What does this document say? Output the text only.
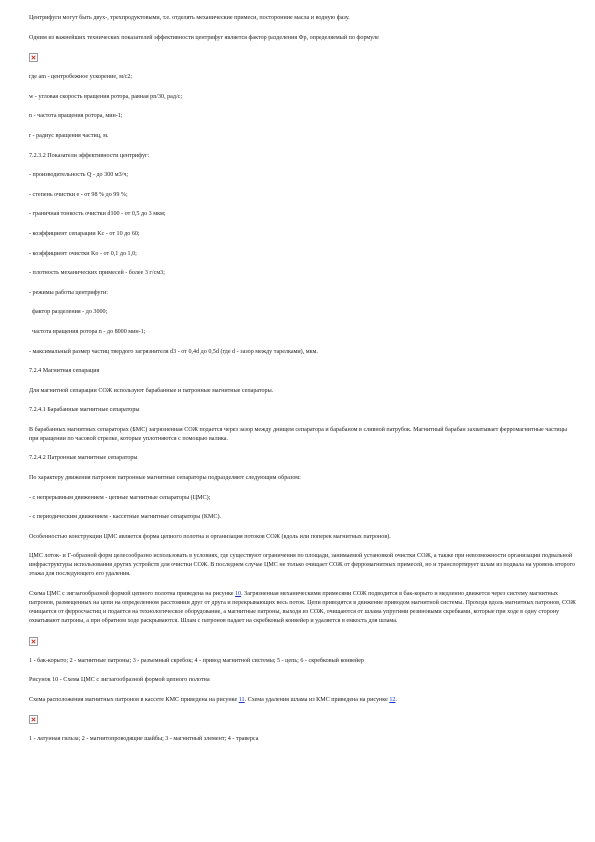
Центрифуги могут быть двух-, трехпродуктовыми, т.е. отделять механические примеси, посторонние масла и водную фазу.

Одним из важнейших технических показателей эффективности центрифуг является фактор разделения Фр, определяемый по формуле

где am - центробежное ускорение, м/с2;

w - угловая скорость вращения ротора, равная pn/30, рад/с;

n - частота вращения ротора, мин-1;

r - радиус вращения частиц, м.

7.2.3.2 Показатели эффективности центрифуг:

- производительность Q - до 300 м3/ч;

- степень очистки е - от 98 % до 99 %;

- граничная тонкость очистки d100 - от 0,5 до 3 мкм;

- коэффициент сепарации Kс - от 10 до 60;

- коэффициент очистки Kо - от 0,1 до 1,0;

- плотность механических примесей - более 3 г/см3;

- режимы работы центрифуги:

фактор разделения - до 3000;

частота вращения ротора n - до 8000 мин-1;

- максимальный размер частиц твердого загрязнителя d3 - от 0,4d до 0,5d (где d - зазор между тарелками), мкм.

7.2.4 Магнитная сепарация

Для магнитной сепарации СОЖ используют барабанные и патронные магнитные сепараторы.

7.2.4.1 Барабанные магнитные сепараторы

В барабанных магнитных сепараторах (БМС) загрязненная СОЖ подается через зазор между днищем сепаратора и барабаном в сливной патрубок. Магнитный барабан захватывает ферромагнитные частицы при вращении по часовой стрелке, которые уплотняются с помощью валика.

7.2.4.2 Патронные магнитные сепараторы

По характеру движения патронов патронные магнитные сепараторы подразделяют следующим образом:

- с непрерывным движением - цепные магнитные сепараторы (ЦМС);

- с периодическим движением - кассетные магнитные сепараторы (КМС).

Особенностью конструкции ЦМС является форма цепного полотна и организация потоков СОЖ (вдоль или поперек магнитных патронов).

ЦМС лоток- и Г-образной форм целесообразно использовать в условиях, где существуют ограничения по площади, занимаемой установкой очистки СОЖ, а также при невозможности организации подвальной инфраструктуры использования других устройств для очистки СОЖ. В последнем случае ЦМС не только очищает СОЖ от ферромагнитных примесей, но и транспортирует шлам из подвала на уровень второго этажа для последующего его удаления.

Схема ЦМС с зигзагообразной формой цепного полотна приведена на рисунке 10. Загрязненная механическими примесями СОЖ подводится в бак-корыто и медленно движется через систему магнитных патронов, размещенных на цепи на определенном расстоянии друг от друга и перекрывающих весь поток. Цепи приводятся в движение приводом магнитной системы. Проходя вдоль магнитных патронов, СОЖ очищается от ферросчастиц и подается на технологическое оборудование, а магнитные патроны, выходя из СОЖ, очищаются от шлама упругими резиновыми скребками, которые при ходе в одну сторону охватывают патроны, а при обратном ходе раскрываются. Шлам с патронов падает на скребковый конвейер и удаляется в емкость для шлама.

1 - бак-корыто; 2 - магнитные патроны; 3 - разъемный скребок; 4 - привод магнитной системы; 5 - цепь; 6 - скребковый конвейер

Рисунок 10 - Схема ЦМС с зигзагообразной формой цепного полотна

Схема расположения магнитных патронов в кассете КМС приведена на рисунке 11. Схема удаления шлама из КМС приведена на рисунке 12.

1 - латунная гильза; 2 - магнитопроводящие шайбы; 3 - магнитный элемент; 4 - траверса
